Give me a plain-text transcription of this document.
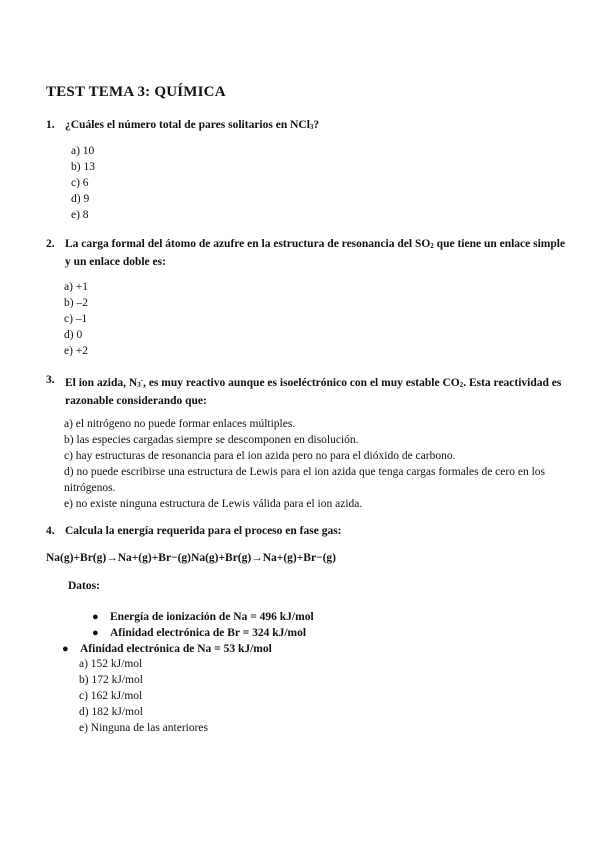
TEST TEMA 3: QUÍMICA
1. ¿Cuáles el número total de pares solitarios en NCl$_3$?
a) 10
b) 13
c) 6
d) 9
e) 8
2. La carga formal del átomo de azufre en la estructura de resonancia del $SO_2$ que tiene un enlace simple y un enlace doble es:
a) +1
b) –2
c) –1
d) 0
e) +2
3. El ion azida, $N_3^-$, es muy reactivo aunque es isoeléctrónico con el muy estable $CO_2$. Esta reactividad es razonable considerando que:
a) el nitrógeno no puede formar enlaces múltiples.
b) las especies cargadas siempre se descomponen en disolución.
c) hay estructuras de resonancia para el ion azida pero no para el dióxido de carbono.
d) no puede escribirse una estructura de Lewis para el ion azida que tenga cargas formales de cero en los nitrógenos.
e) no existe ninguna estructura de Lewis válida para el ion azida.
4. Calcula la energía requerida para el proceso en fase gas:
Na(g)+Br(g)→Na+(g)+Br−(g)Na(g)+Br(g)→Na+(g)+Br−(g)
Datos:
● Energía de ionización de Na = 496 kJ/mol
● Afinidad electrónica de Br = 324 kJ/mol
● Afinidad electrónica de Na = 53 kJ/mol
a) 152 kJ/mol
b) 172 kJ/mol
c) 162 kJ/mol
d) 182 kJ/mol
e) Ninguna de las anteriores
